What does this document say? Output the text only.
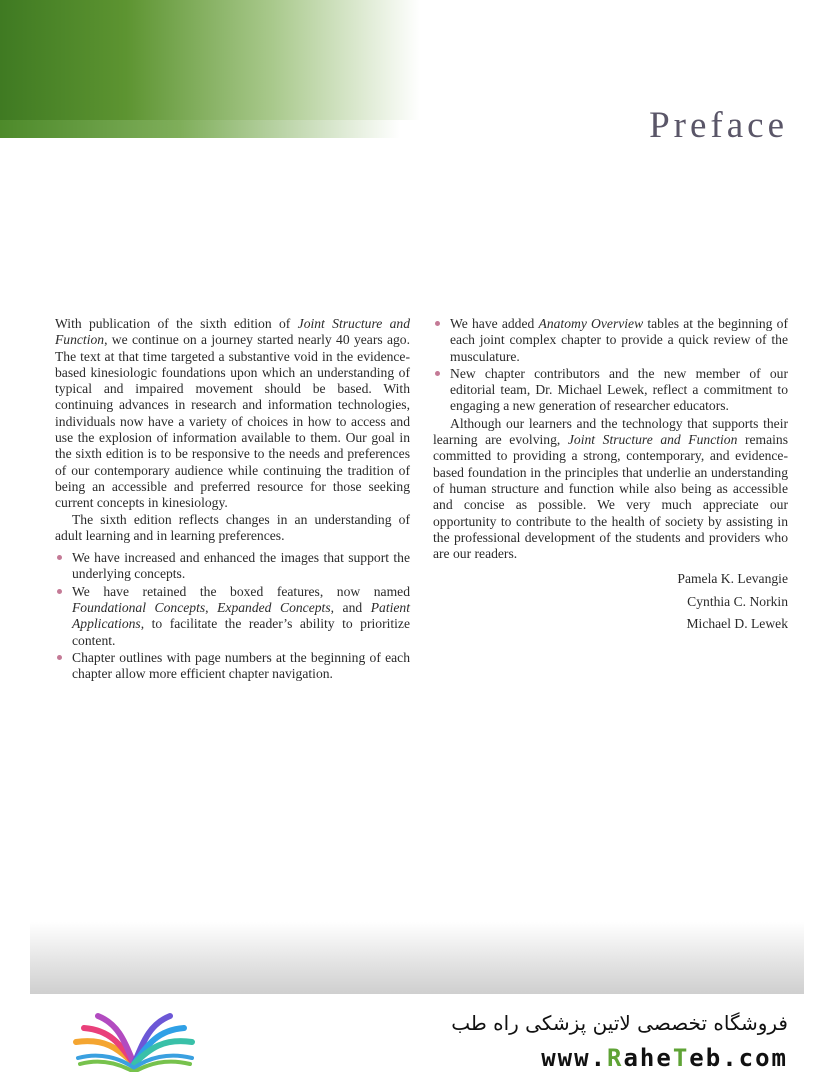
Preface

With publication of the sixth edition of Joint Structure and Function, we continue on a journey started nearly 40 years ago. The text at that time targeted a substantive void in the evidence-based kinesiologic foundations upon which an understanding of typical and impaired movement should be based. With continuing advances in research and information technologies, individuals now have a variety of choices in how to access and use the explosion of information available to them. Our goal in the sixth edition is to be responsive to the needs and preferences of our contemporary audience while continuing the tradition of being an accessible and preferred resource for those seeking current concepts in kinesiology.

The sixth edition reflects changes in an understanding of adult learning and in learning preferences.

We have increased and enhanced the images that support the underlying concepts.
We have retained the boxed features, now named Foundational Concepts, Expanded Concepts, and Patient Applications, to facilitate the reader’s ability to prioritize content.
Chapter outlines with page numbers at the beginning of each chapter allow more efficient chapter navigation.
We have added Anatomy Overview tables at the beginning of each joint complex chapter to provide a quick review of the musculature.
New chapter contributors and the new member of our editorial team, Dr. Michael Lewek, reflect a commitment to engaging a new generation of researcher educators.

Although our learners and the technology that supports their learning are evolving, Joint Structure and Function remains committed to providing a strong, contemporary, and evidence-based foundation in the principles that underlie an understanding of human structure and function while also being as accessible and concise as possible. We very much appreciate our opportunity to contribute to the health of society by assisting in the professional development of the students and providers who are our readers.

Pamela K. Levangie
Cynthia C. Norkin
Michael D. Lewek

فروشگاه تخصصی لاتین پزشکی راه طب

www.RaheTeb.com
